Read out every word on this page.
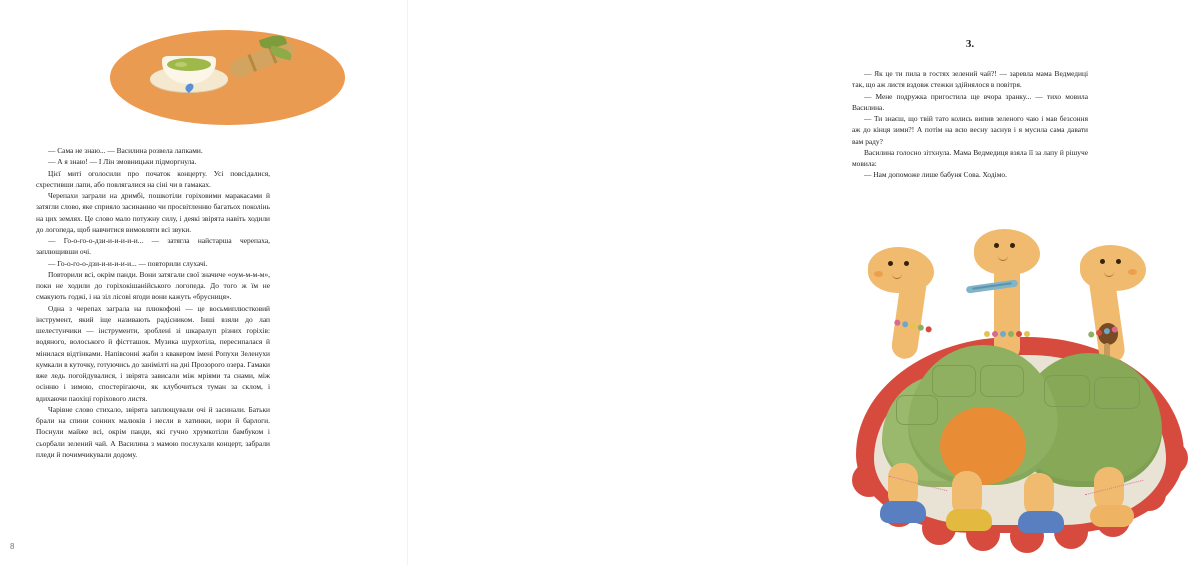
— Сама не знаю... — Василина розвела лапками.

— А я знаю! — І Лін змовницьки підморгнула.

Цієї миті оголосили про початок концерту. Усі повсідалися, схрестивши лапи, або повлягалися на сіні чи в гамаках.

Черепахи заграли на дримбі, пошкотіли горіховими маракасами й затягли слово, яке сприяло засинанню чи просвітленню багатьох поколінь на цих землях. Це слово мало потужну силу, і деякі звірята навіть ходили до логопеда, щоб навчитися вимовляти всі звуки.

— Го-о-го-о-дзи-и-и-и-и-и... — затягла найстарша черепаха, заплющивши очі.

— Го-о-го-о-дзи-и-и-и-и-и... — повторили слухачі.

Повторили всі, окрім панди. Вони затягали свої значиче «оум-м-м-м», поки не ходили до горіхокішанійського логопеда. До того ж їм не смакують годжі, і на зіл лісові яґоди вони кажуть «брусниця».

Одна з черепах заграла на плюкофоні — це восьмиплюстковий інструмент, який іще називають радісником. Інші взяли до лап шелестунчики — інструменти, зроблені зі шкаралуп різних горіхів: водяного, волоського й фістташок. Музика шурхотіла, пересипалася й мінилася відтінками. Напівсонні жаби з квакером імені Ропухи Зеленухи кумкали в куточку, готуючись до занімілті на дні Прозорого озера. Гамаки вже ледь погойдувалися, і звірята зависали між мріями та снами, між осінню і зимою, спостерігаючи, як клубочиться туман за склом, і вдихаючи паохіці горіхового листя.

Чарівне слово стихало, звірята заплющували очі й засинали. Батьки брали на спини сонних малюків і несли в хатинки, нори й барлоги. Поснули майже всі, окрім панди, які гучно хрумкотіли бамбуком і сьорбали зелений чай. А Василина з мамою послухали концерт, забрали пледи й почимчикували додому.

8
3.

— Як це ти пила в гостях зелений чай?! — заревла мама Ведмедиці так, що аж листя вздовж стежки здійнялося в повітря.

— Мене подружка пригостила ще вчора зранку... — тихо мовила Василина.

— Ти знаєш, що твій тато колись випив зеленого чаю і мав безсоння аж до кінця зими?! А потім на всю весну заснув і я мусила сама давати вам раду?

Василина голосно зітхнула. Мама Ведмедиця взяла її за лапу й рішуче мовила:

— Нам допоможе лише бабуня Сова. Ходімо.
